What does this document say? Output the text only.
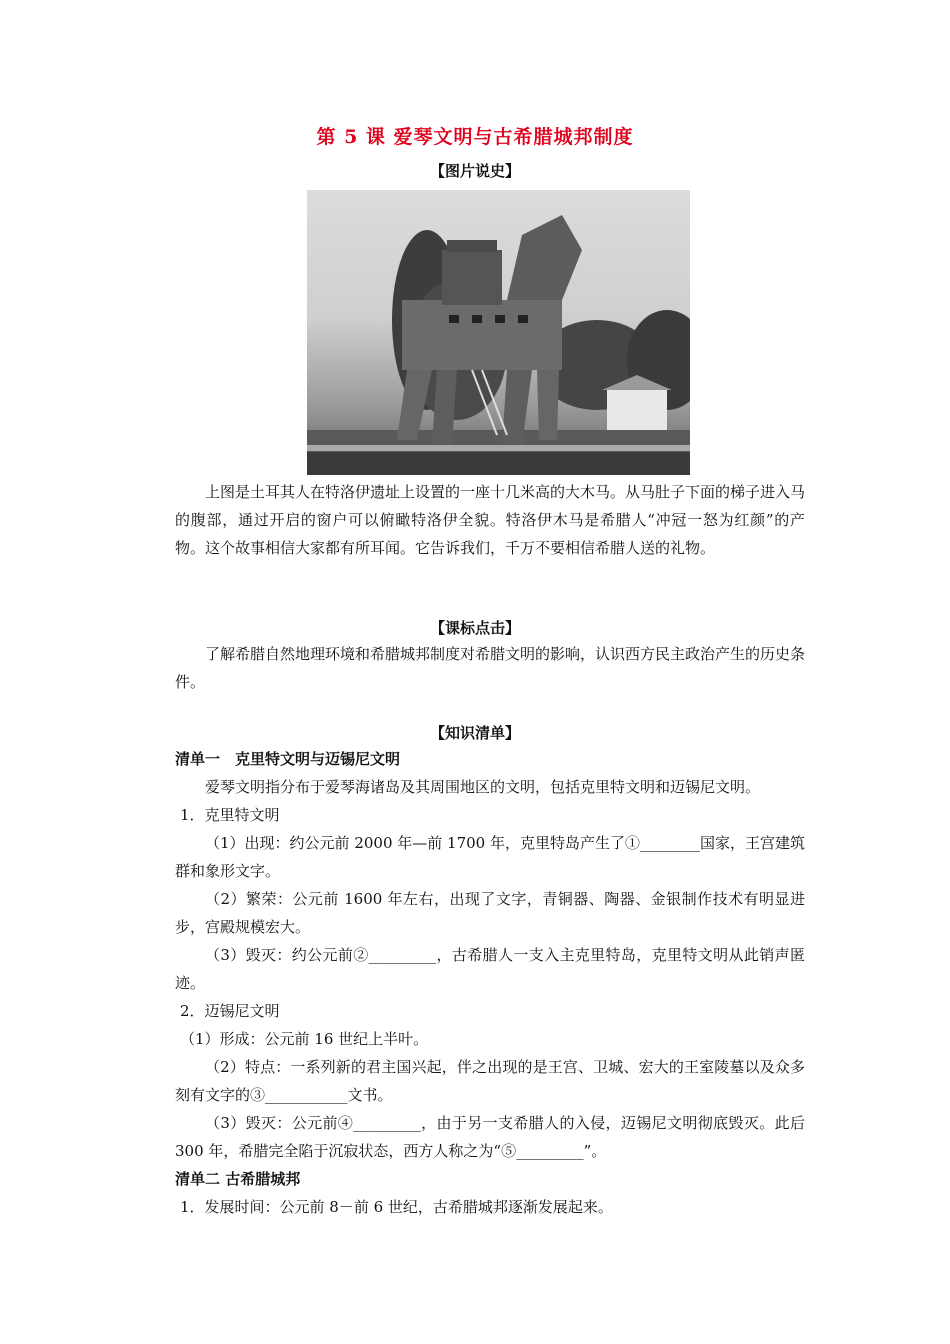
第 5 课 爱琴文明与古希腊城邦制度
【图片说史】

上图是土耳其人在特洛伊遗址上设置的一座十几米高的大木马。从马肚子下面的梯子进入马的腹部，通过开启的窗户可以俯瞰特洛伊全貌。特洛伊木马是希腊人“冲冠一怒为红颜”的产物。这个故事相信大家都有所耳闻。它告诉我们，千万不要相信希腊人送的礼物。

【课标点击】

了解希腊自然地理环境和希腊城邦制度对希腊文明的影响，认识西方民主政治产生的历史条件。

【知识清单】

清单一　克里特文明与迈锡尼文明

爱琴文明指分布于爱琴海诸岛及其周围地区的文明，包括克里特文明和迈锡尼文明。

1．克里特文明

（1）出现：约公元前 2000 年—前 1700 年，克里特岛产生了①________国家，王宫建筑群和象形文字。

（2）繁荣：公元前 1600 年左右，出现了文字，青铜器、陶器、金银制作技术有明显进步，宫殿规模宏大。

（3）毁灭：约公元前②_________，古希腊人一支入主克里特岛，克里特文明从此销声匿迹。

2．迈锡尼文明

（1）形成：公元前 16 世纪上半叶。

（2）特点：一系列新的君主国兴起，伴之出现的是王宫、卫城、宏大的王室陵墓以及众多刻有文字的③___________文书。

（3）毁灭：公元前④_________，由于另一支希腊人的入侵，迈锡尼文明彻底毁灭。此后 300 年，希腊完全陷于沉寂状态，西方人称之为“⑤_________”。

清单二 古希腊城邦

1．发展时间：公元前 8－前 6 世纪，古希腊城邦逐渐发展起来。
